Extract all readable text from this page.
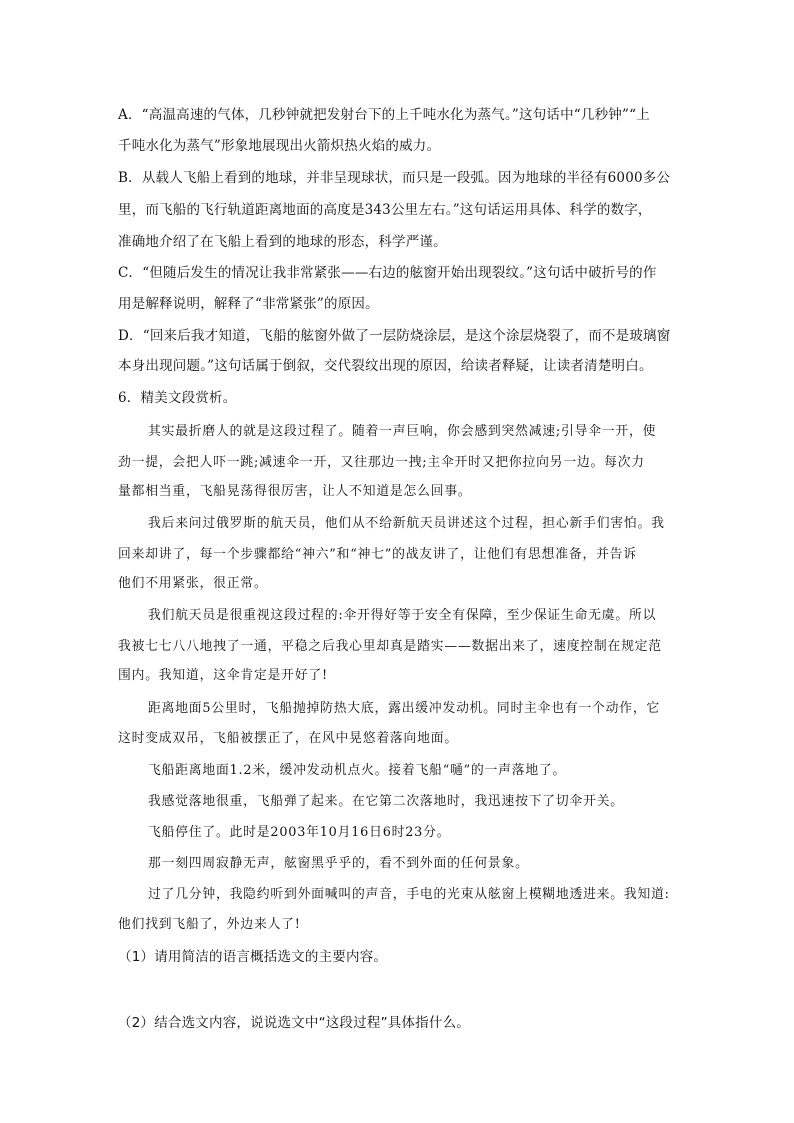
A．“高温高速的气体，几秒钟就把发射台下的上千吨水化为蒸气。”这句话中“几秒钟”“上
千吨水化为蒸气”形象地展现出火箭炽热火焰的威力。
B．从载人飞船上看到的地球，并非呈现球状，而只是一段弧。因为地球的半径有6000多公
里，而飞船的飞行轨道距离地面的高度是343公里左右。”这句话运用具体、科学的数字，
准确地介绍了在飞船上看到的地球的形态，科学严谨。
C．“但随后发生的情况让我非常紧张——右边的舷窗开始出现裂纹。”这句话中破折号的作
用是解释说明，解释了“非常紧张”的原因。
D．“回来后我才知道，飞船的舷窗外做了一层防烧涂层，是这个涂层烧裂了，而不是玻璃窗
本身出现问题。”这句话属于倒叙，交代裂纹出现的原因，给读者释疑，让读者清楚明白。
6．精美文段赏析。
其实最折磨人的就是这段过程了。随着一声巨响，你会感到突然减速;引导伞一开，使
劲一提，会把人吓一跳;减速伞一开，又往那边一拽;主伞开时又把你拉向另一边。每次力
量都相当重，飞船晃荡得很厉害，让人不知道是怎么回事。
我后来问过俄罗斯的航天员，他们从不给新航天员讲述这个过程，担心新手们害怕。我
回来却讲了，每一个步骤都给“神六”和“神七”的战友讲了，让他们有思想准备，并告诉
他们不用紧张，很正常。
我们航天员是很重视这段过程的:伞开得好等于安全有保障，至少保证生命无虞。所以
我被七七八八地拽了一通，平稳之后我心里却真是踏实——数据出来了，速度控制在规定范
围内。我知道，这伞肯定是开好了!
距离地面5公里时，飞船抛掉防热大底，露出缓冲发动机。同时主伞也有一个动作，它
这时变成双吊，飞船被摆正了，在风中晃悠着落向地面。
飞船距离地面1.2米，缓冲发动机点火。接着飞船“嗵”的一声落地了。
我感觉落地很重，飞船弹了起来。在它第二次落地时，我迅速按下了切伞开关。
飞船停住了。此时是2003年10月16日6时23分。
那一刻四周寂静无声，舷窗黑乎乎的，看不到外面的任何景象。
过了几分钟，我隐约听到外面喊叫的声音，手电的光束从舷窗上模糊地透进来。我知道:
他们找到飞船了，外边来人了!
（1）请用简洁的语言概括选文的主要内容。
（2）结合选文内容，说说选文中“这段过程”具体指什么。
